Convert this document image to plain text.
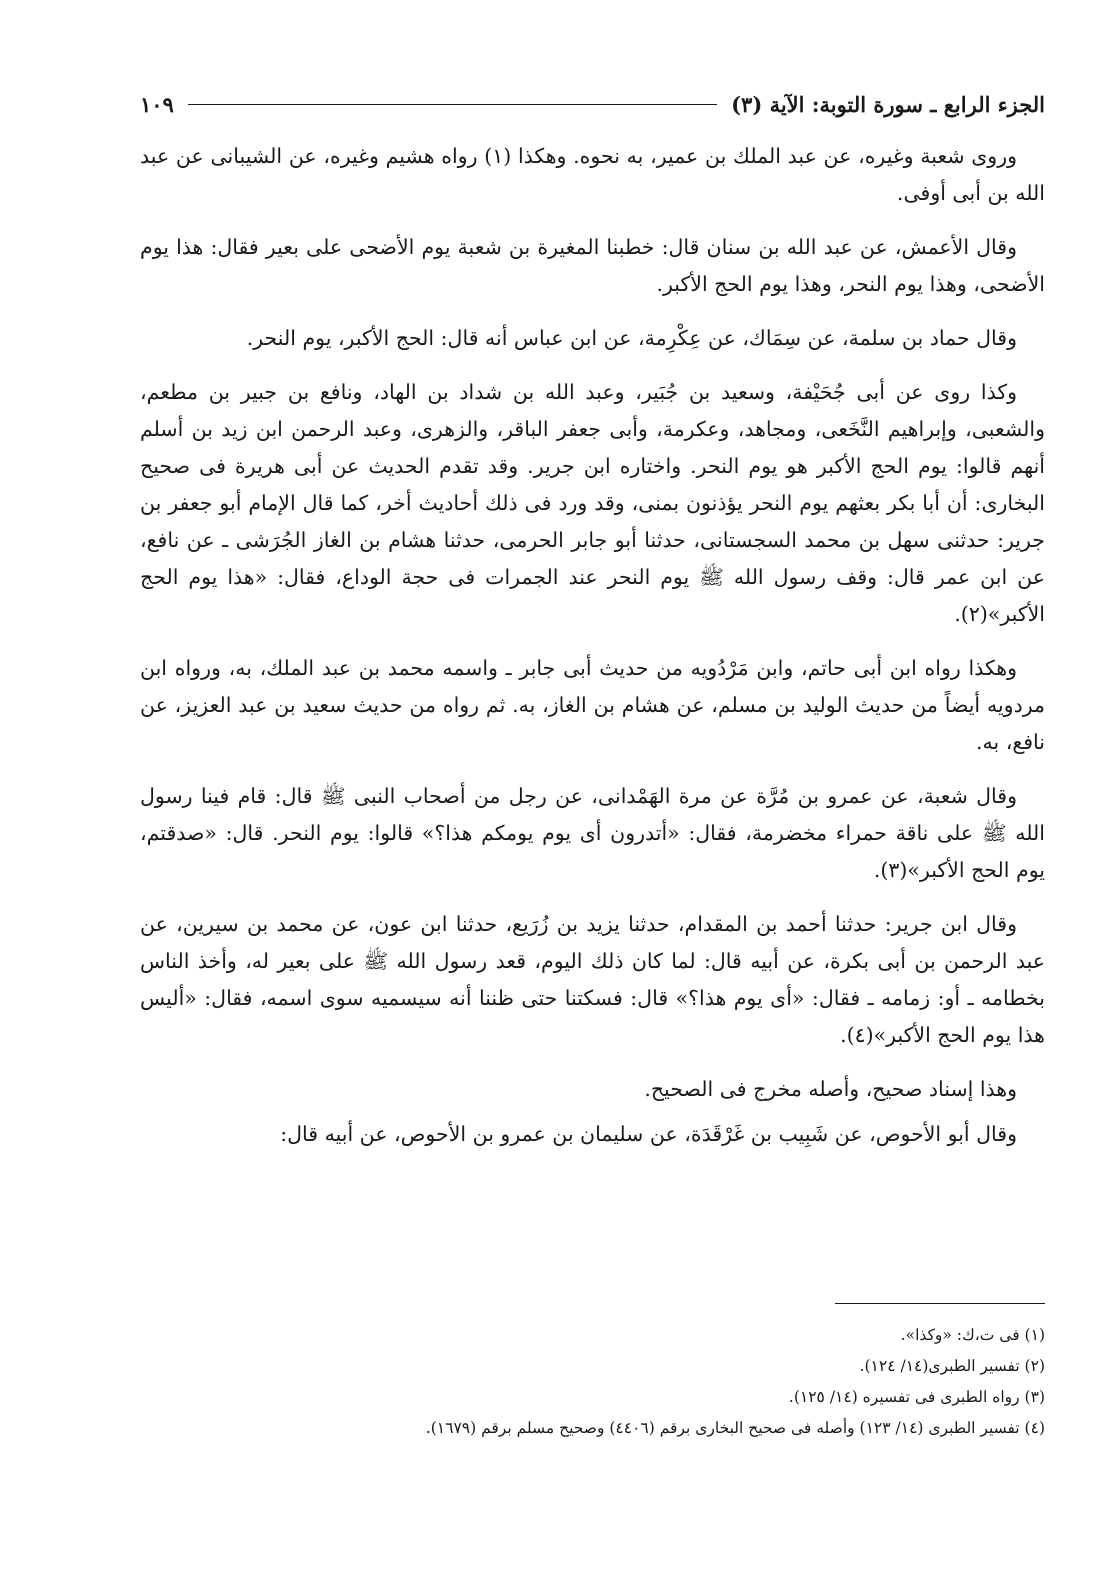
الجزء الرابع ـ سورة التوبة: الآية (٣)
١٠٩

وروى شعبة وغيره، عن عبد الملك بن عمير، به نحوه. وهكذا (١) رواه هشيم وغيره، عن الشيبانى عن عبد الله بن أبى أوفى.

وقال الأعمش، عن عبد الله بن سنان قال: خطبنا المغيرة بن شعبة يوم الأضحى على بعير فقال: هذا يوم الأضحى، وهذا يوم النحر، وهذا يوم الحج الأكبر.

وقال حماد بن سلمة، عن سِمَاك، عن عِكْرِمة، عن ابن عباس أنه قال: الحج الأكبر، يوم النحر.

وكذا روى عن أبى جُحَيْفة، وسعيد بن جُبَير، وعبد الله بن شداد بن الهاد، ونافع بن جبير بن مطعم، والشعبى، وإبراهيم النَّخَعى، ومجاهد، وعكرمة، وأبى جعفر الباقر، والزهرى، وعبد الرحمن ابن زيد بن أسلم أنهم قالوا: يوم الحج الأكبر هو يوم النحر. واختاره ابن جرير. وقد تقدم الحديث عن أبى هريرة فى صحيح البخارى: أن أبا بكر بعثهم يوم النحر يؤذنون بمنى، وقد ورد فى ذلك أحاديث أخر، كما قال الإمام أبو جعفر بن جرير: حدثنى سهل بن محمد السجستانى، حدثنا أبو جابر الحرمى، حدثنا هشام بن الغاز الجُرَشى ـ عن نافع، عن ابن عمر قال: وقف رسول الله ﷺ يوم النحر عند الجمرات فى حجة الوداع، فقال: «هذا يوم الحج الأكبر»(٢).

وهكذا رواه ابن أبى حاتم، وابن مَرْدُويه من حديث أبى جابر ـ واسمه محمد بن عبد الملك، به، ورواه ابن مردويه أيضاً من حديث الوليد بن مسلم، عن هشام بن الغاز، به. ثم رواه من حديث سعيد بن عبد العزيز، عن نافع، به.

وقال شعبة، عن عمرو بن مُرَّة عن مرة الهَمْدانى، عن رجل من أصحاب النبى ﷺ قال: قام فينا رسول الله ﷺ على ناقة حمراء مخضرمة، فقال: «أتدرون أى يوم يومكم هذا؟» قالوا: يوم النحر. قال: «صدقتم، يوم الحج الأكبر»(٣).

وقال ابن جرير: حدثنا أحمد بن المقدام، حدثنا يزيد بن زُرَيع، حدثنا ابن عون، عن محمد بن سيرين، عن عبد الرحمن بن أبى بكرة، عن أبيه قال: لما كان ذلك اليوم، قعد رسول الله ﷺ على بعير له، وأخذ الناس بخطامه ـ أو: زمامه ـ فقال: «أى يوم هذا؟» قال: فسكتنا حتى ظننا أنه سيسميه سوى اسمه، فقال: «أليس هذا يوم الحج الأكبر»(٤).

وهذا إسناد صحيح، وأصله مخرج فى الصحيح.

وقال أبو الأحوص، عن شَبِيب بن غَرْقَدَة، عن سليمان بن عمرو بن الأحوص، عن أبيه قال:

(١) فى ت،ك: «وكذا».
(٢) تفسير الطبرى(١٤/ ١٢٤).
(٣) رواه الطبرى فى تفسيره (١٤/ ١٢٥).
(٤) تفسير الطبرى (١٤/ ١٢٣) وأصله فى صحيح البخارى برقم (٤٤٠٦) وصحيح مسلم برقم (١٦٧٩).
